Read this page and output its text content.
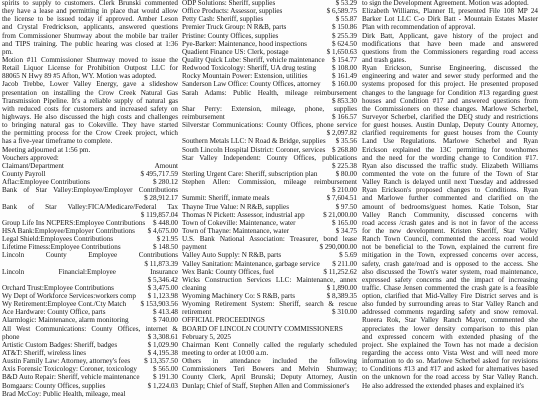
spirits to supply to customers. Clerk Brunski commented
they have a lease and permitting in place that would allow
the license to be issued today if approved. Amber Leson
and Crystal Fredrickson, applicants, answered questions
from Commissioner Shumway about the mobile bar trailer
and TIPS training. The public hearing was closed at 1:36
pm.
Motion #11 Commissioner Shumway moved to issue the
Retail Liquor License for Prohibition Outpost LLC for
88065 N Hwy 89 #5 Afton, WY. Motion was adopted.
Jacob Trebbe, Lower Valley Energy, gave a slideshow
presentation on installing the Crow Creek Natural Gas
Transmission Pipeline. It's a reliable supply of natural gas
with reduced costs for customers and increased safety on
highways. He also discussed the high costs and challenges
to bringing natural gas to Cokeville. They have started
the permitting process for the Crow Creek project, which
has a five-year timeframe to complete.
Meeting adjourned at 1:56 pm.
Vouchers approved:
Claimant/Department	Amount
County Payroll	$ 495,717.59
Aflac:Employee Contributions	$ 280.12
Bank of Star Valley:Employee/Employer Contributions
$ 28,912.17
Bank of Star Valley:FICA/Medicare/Federal Tax
$ 119,857.04
Group Life Ins NCPERS:Employee Contributions	$ 448.00
HSA Bank:Employee/Employer Contributions	$ 4,675.00
Legal Shield:Employees Contributions	$ 21.95
Lifetime Fitness:Employee Contributions	$ 148.50
Lincoln County Employee Contributions
$ 11,873.39
Lincoln Financial:Employee Insurance
$ 5,346.42
Orchard Trust:Employee Contributions	$ 3,475.00
Wy Dept of Workforce Services:workers comp	$ 1,123.98
Wy Retirement:Employee Cont./Cty Match	$ 153,903.56
Ace Hardware: County Office, parts	$ 413.48
Alarmlogic: Maintenance, alarm monitoring	$ 740.00
All West Communications: County Offices, internet &
phone	$ 3,308.61
Artistic Custom Badges: Sheriff, badges	$ 1,029.90
AT&T: Sheriff, wireless lines	$ 4,195.38
Austin Family Law: Attorney, attorney's fees	$ 13,357.50
Axis Forensic Toxicology: Coroner, toxicology	$ 565.00
B&D Auto Repair: Sheriff, vehicle maintenance	$ 191.30
Bomgaars: County Offices, supplies	$ 1,224.03
Brad McCoy: Public Health, mileage, meal
ODP Solutions: Sheriff, supplies	$ 53.29
Office Products: Assessor, supplies	$ 6,589.75
Petty Cash: Sheriff, supplies	$ 55.87
Premier Truck Group: N R&B, parts	$ 150.86
Pristine: County Offices, supplies	$ 255.39
Pye-Barker: Maintenance, hood inspections	$ 624.50
Quadient Finance US: Clerk, postage	$ 1,650.63
Quality Quick Lube: Sheriff, vehicle maintenance	$ 154.77
Redwood Toxicology: Sheriff, UA drug testing	$ 108.00
Rocky Mountain Power: Extension, utilities	$ 161.49
Sanderson Law Office: County Offices, attorney	$ 160.00
Sarah Adams: Public Health, mileage reimbursement
$ 853.30
Shar Perry: Extension, mileage, phone, supplies
reimbursement	$ 166.57
Silverstar Communications: County Offices, phone service
$ 2,097.82
Southern Metals LLC: N Road & Bridge, supplies	$ 35.56
South Lincoln Hospital District: Coroner, services $ 268.80
Star Valley Independent: County Offices, publications
$ 225.38
Sterling Urgent Care: Sheriff, subscription plan	$ 80.00
Stephen Allen: Commission, mileage reimbursement
$ 210.00
Summit: Sheriff, inmate meals	$ 7,604.51
Thayne True Value: N R&B, supplies	$ 97.50
Thomas N Pickett: Assessor, industrial app	$ 21,000.00
Town of Cokeville: Maintenance, water	$ 165.00
Town of Thayne: Maintenance, water	$ 34.75
U.S. Bank National Association: Treasurer, bond lease
payment	$ 290,000.00
Valley Auto Supply: N R&B, parts	$ 5.69
Valley Sanitation: Maintenance, garbage service	$ 211.00
Wex Bank: County Offices, fuel	$ 11,252.62
Wicks Construction Services LLC: Maintenance, annex
cleaning	$ 1,890.00
Wyoming Machinery Co: S R&B, parts	$ 8,389.35
Wyoming Retirement System: Sheriff, search & rescue
retirement	$ 310.00
OFFICIAL PROCEEDINGS
BOARD OF LINCOLN COUNTY COMMISSIONERS
February 5, 2025
Chairman Kent Connelly called the regularly scheduled
meeting to order at 10:00 a.m.
Others in attendance included the following
Commissioners Teri Bowers and Melvin Shumway;
County Clerk, April Brunski; Deputy Attorney, Austin
Dunlap; Chief of Staff, Stephen Allen and Commissioner's
to sign the Development Agreement. Motion was adopted.
Elizabeth Williams, Planner II, presented File 108 MP 24
Barker Lot LLC C-o Dirk Batt - Mountain Estates Master
Plan with recommendation of approval.
Dirk Batt, Applicant, gave history of the project and
modifications that have been made and answered
questions from the Commissioners regarding road access
and trash gates.
Ryan Erickson, Sunrise Engineering, discussed the
engineering and water and sewer study performed and the
systems proposed for this project. He presented proposed
changes to the language for Condition #13 regarding guest
houses and Condition #17 and answered questions from
the Commissioners on these changes. Marlowe Scherbel,
Surveyor Scherbel, clarified the DEQ study and restrictions
for guest houses. Austin Dunlap, Deputy County Attorney,
clarified requirements for guest houses from the County
Land Use Regulations. Marlowe Scherbel and Ryan
Erickson explained the 13C permitting for townhomes
and the need for the wording change to Condition #17.
Ryan also discussed the traffic study. Elizabeth Williams
commented the vote on the future of the Town of Star
Valley Ranch is delayed until next Tuesday and addressed
Ryan Erickson's proposed changes to Conditions. Ryan
and Marlowe further commented and clarified on the
amount of bedrooms/guest homes. Katie Tolson, Star
Valley Ranch Community, discussed concerns with
road access /crash gates and is not in favor of the access
for the new development. Kristen Sheriff, Star Valley
Ranch Town Council, commented the access road would
not be beneficial to the Town, explained the current fire
mitigation in the Town, expressed concerns over access,
safety, crash gate/road and is opposed to the access. She
also discussed the Town's water system, road maintenance,
expressed safety concerns and the impact of increasing
traffic. Chase Jensen commented the crash gate is a feasible
option, clarified that Mid-Valley Fire District serves and is
also funded by surrounding areas to Star Valley Ranch and
addressed comments regarding safety and snow removal.
Rueera Rok, Star Valley Ranch Mayor, commented she
appreciates the lower density comparison to this plan
and expressed concern with extended phasing of the
project. She explained the Town has not made a decision
regarding the access onto Vista West and will need more
information to do so. Marlowe Scherbel asked for revisions
to Conditions #13 and #17 and asked for alternatives based
on the unknown for the road access by Star Valley Ranch.
He also addressed the extended phases and explained it's
